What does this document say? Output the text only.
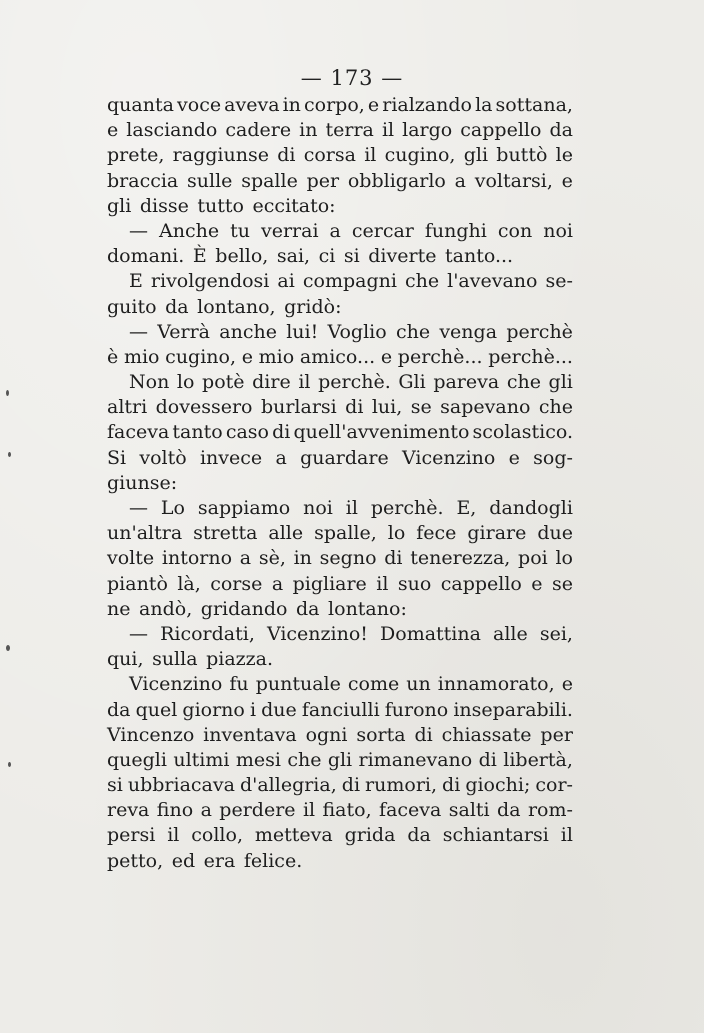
— 173 —
quanta voce aveva in corpo, e rialzando la sottana,
e lasciando cadere in terra il largo cappello da
prete, raggiunse di corsa il cugino, gli buttò le
braccia sulle spalle per obbligarlo a voltarsi, e
gli disse tutto eccitato:
— Anche tu verrai a cercar funghi con noi
domani. È bello, sai, ci si diverte tanto...
E rivolgendosi ai compagni che l'avevano se-
guito da lontano, gridò:
— Verrà anche lui! Voglio che venga perchè
è mio cugino, e mio amico... e perchè... perchè...
Non lo potè dire il perchè. Gli pareva che gli
altri dovessero burlarsi di lui, se sapevano che
faceva tanto caso di quell'avvenimento scolastico.
Si voltò invece a guardare Vicenzino e sog-
giunse:
— Lo sappiamo noi il perchè. E, dandogli
un'altra stretta alle spalle, lo fece girare due
volte intorno a sè, in segno di tenerezza, poi lo
piantò là, corse a pigliare il suo cappello e se
ne andò, gridando da lontano:
— Ricordati, Vicenzino! Domattina alle sei,
qui, sulla piazza.
Vicenzino fu puntuale come un innamorato, e
da quel giorno i due fanciulli furono inseparabili.
Vincenzo inventava ogni sorta di chiassate per
quegli ultimi mesi che gli rimanevano di libertà,
si ubbriacava d'allegria, di rumori, di giochi; cor-
reva fino a perdere il fiato, faceva salti da rom-
persi il collo, metteva grida da schiantarsi il
petto, ed era felice.
